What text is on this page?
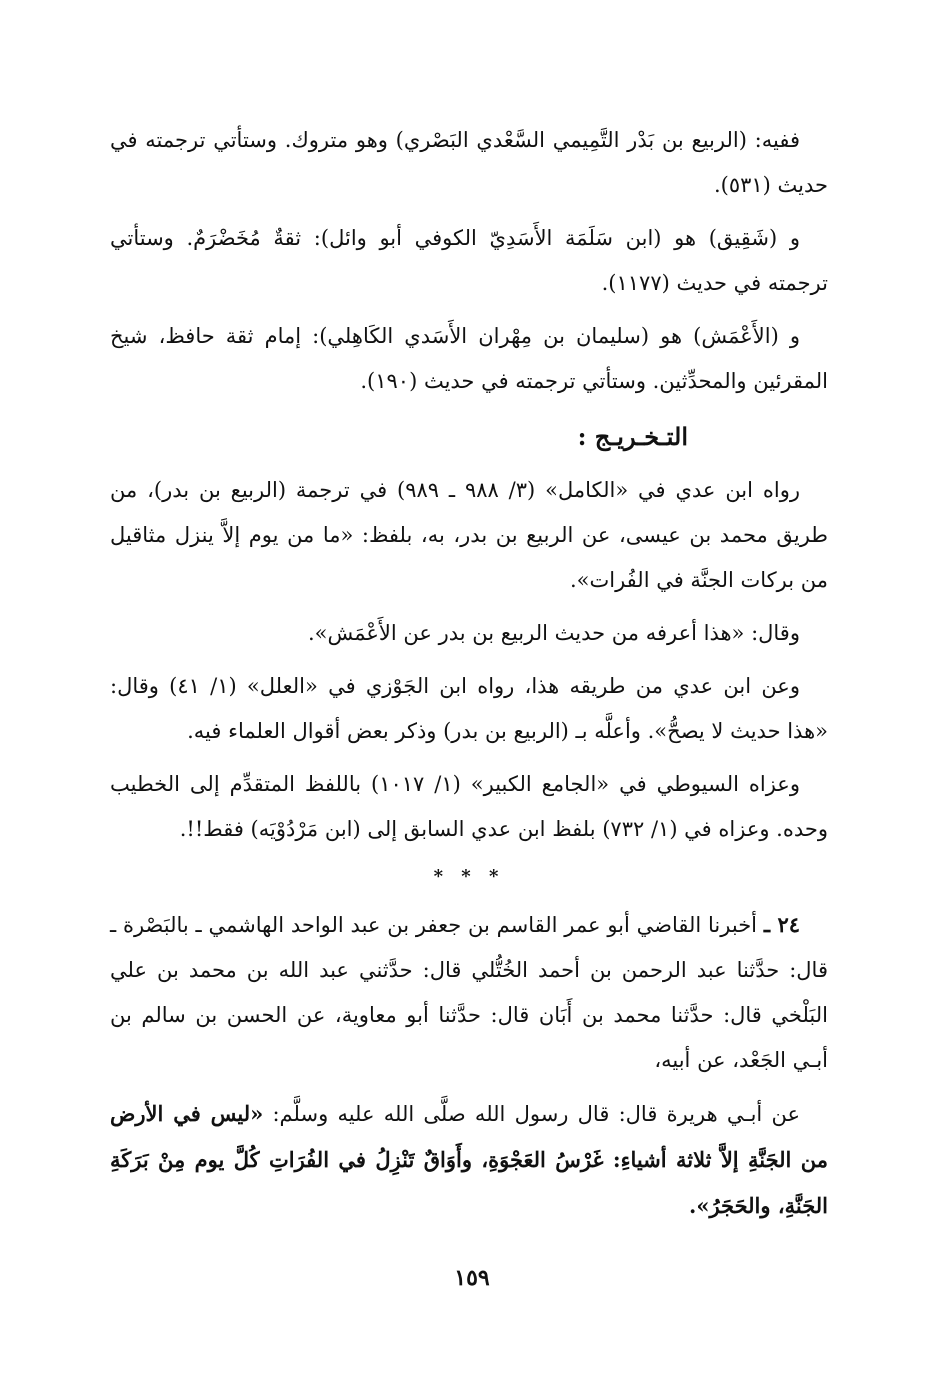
ففيه: (الربيع بن بَدْر التَّمِيمي السَّعْدي البَصْري) وهو متروك. وستأتي ترجمته في حديث (٥٣١).

و (شَقِيق) هو (ابن سَلَمَة الأَسَدِيّ الكوفي أبو وائل): ثقةٌ مُخَضْرَمٌ. وستأتي ترجمته في حديث (١١٧٧).

و (الأَعْمَش) هو (سليمان بن مِهْران الأَسَدي الكَاهِلي): إمام ثقة حافظ، شيخ المقرئين والمحدِّثين. وستأتي ترجمته في حديث (١٩٠).

التـخـريـج :

رواه ابن عدي في «الكامل» (٣/ ٩٨٨ ـ ٩٨٩) في ترجمة (الربيع بن بدر)، من طريق محمد بن عيسى، عن الربيع بن بدر، به، بلفظ: «ما من يوم إلاَّ ينزل مثاقيل من بركات الجنَّة في الفُرات».

وقال: «هذا أعرفه من حديث الربيع بن بدر عن الأَعْمَش».

وعن ابن عدي من طريقه هذا، رواه ابن الجَوْزي في «العلل» (١/ ٤١) وقال: «هذا حديث لا يصحُّ». وأعلَّه بـ (الربيع بن بدر) وذكر بعض أقوال العلماء فيه.

وعزاه السيوطي في «الجامع الكبير» (١/ ١٠١٧) باللفظ المتقدِّم إلى الخطيب وحده. وعزاه في (١/ ٧٣٢) بلفظ ابن عدي السابق إلى (ابن مَرْدُوْيَه) فقط!!.

* * *

٢٤ ـ أخبرنا القاضي أبو عمر القاسم بن جعفر بن عبد الواحد الهاشمي ـ بالبَصْرة ـ قال: حدَّثنا عبد الرحمن بن أحمد الخُتُّلي قال: حدَّثني عبد الله بن محمد بن علي البَلْخي قال: حدَّثنا محمد بن أَبَان قال: حدَّثنا أبو معاوية، عن الحسن بن سالم بن أبـي الجَعْد، عن أبيه،

عن أبـي هريرة قال: قال رسول الله صلَّى الله عليه وسلَّم: «ليس في الأرض من الجَنَّةِ إلاَّ ثلاثة أشياءِ: غَرْسُ العَجْوَةِ، وأَوَاقٌ تَنْزِلُ في الفُرَاتِ كُلَّ يوم مِنْ بَرَكَةِ الجَنَّةِ، والحَجَرُ».

١٥٩
